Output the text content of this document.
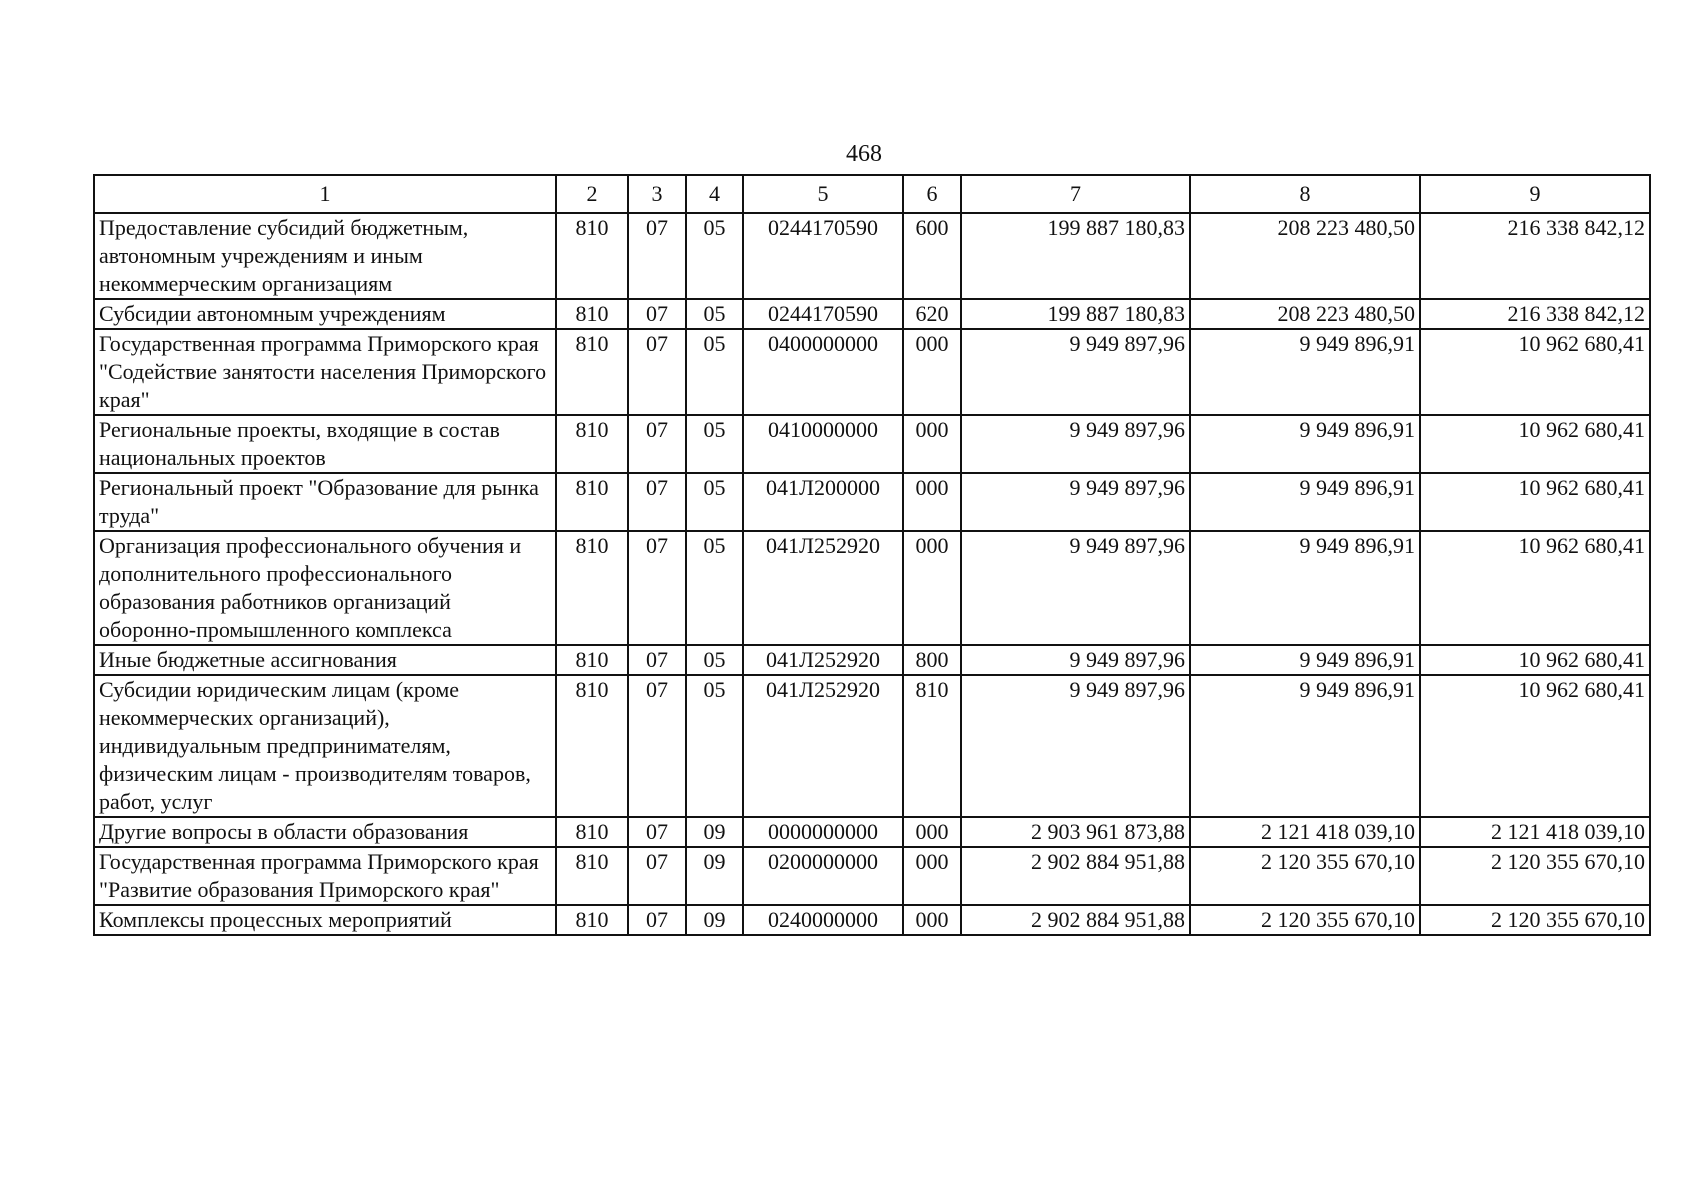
468
1	2	3	4	5	6	7	8	9
Предоставление субсидий бюджетным, автономным учреждениям и иным некоммерческим организациям	810	07	05	0244170590	600	199 887 180,83	208 223 480,50	216 338 842,12
Субсидии автономным учреждениям	810	07	05	0244170590	620	199 887 180,83	208 223 480,50	216 338 842,12
Государственная программа Приморского края "Содействие занятости населения Приморского края"	810	07	05	0400000000	000	9 949 897,96	9 949 896,91	10 962 680,41
Региональные проекты, входящие в состав национальных проектов	810	07	05	0410000000	000	9 949 897,96	9 949 896,91	10 962 680,41
Региональный проект "Образование для рынка труда"	810	07	05	041Л200000	000	9 949 897,96	9 949 896,91	10 962 680,41
Организация профессионального обучения и дополнительного профессионального образования работников организаций оборонно-промышленного комплекса	810	07	05	041Л252920	000	9 949 897,96	9 949 896,91	10 962 680,41
Иные бюджетные ассигнования	810	07	05	041Л252920	800	9 949 897,96	9 949 896,91	10 962 680,41
Субсидии юридическим лицам (кроме некоммерческих организаций), индивидуальным предпринимателям, физическим лицам - производителям товаров, работ, услуг	810	07	05	041Л252920	810	9 949 897,96	9 949 896,91	10 962 680,41
Другие вопросы в области образования	810	07	09	0000000000	000	2 903 961 873,88	2 121 418 039,10	2 121 418 039,10
Государственная программа Приморского края "Развитие образования Приморского края"	810	07	09	0200000000	000	2 902 884 951,88	2 120 355 670,10	2 120 355 670,10
Комплексы процессных мероприятий	810	07	09	0240000000	000	2 902 884 951,88	2 120 355 670,10	2 120 355 670,10
